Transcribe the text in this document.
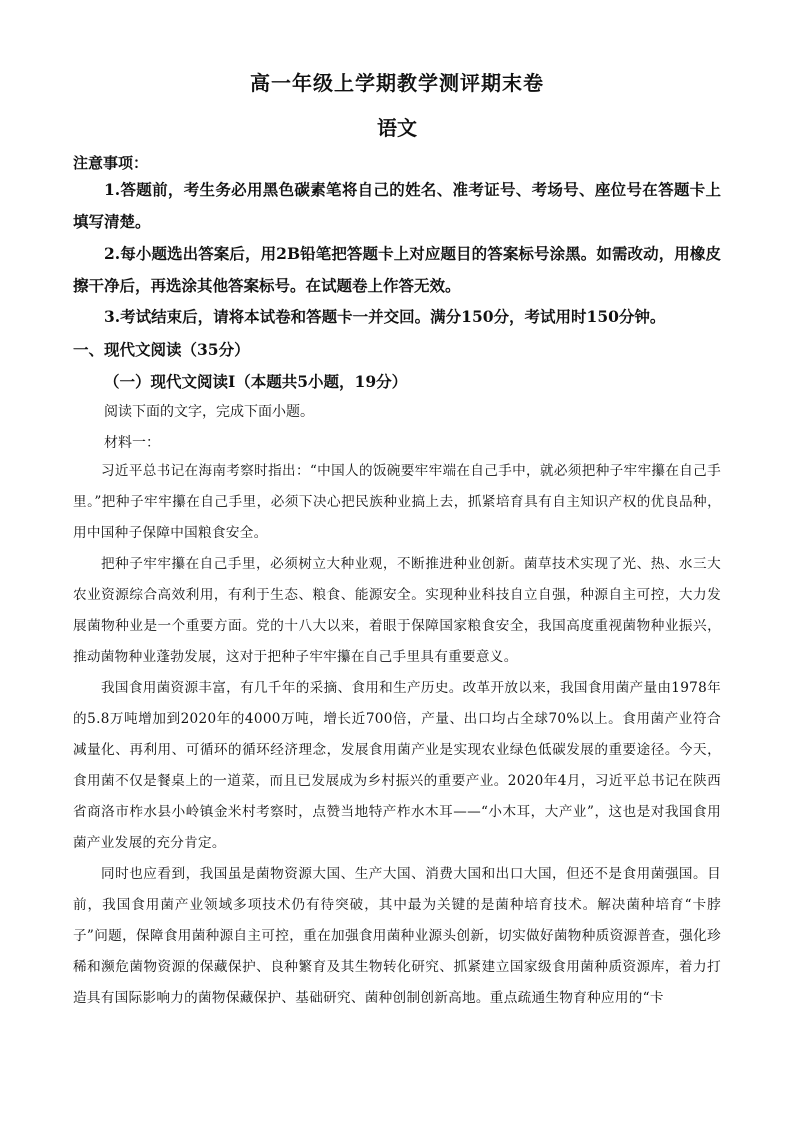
高一年级上学期教学测评期末卷
语文
注意事项：

1.答题前，考生务必用黑色碳素笔将自己的姓名、准考证号、考场号、座位号在答题卡上填写清楚。

2.每小题选出答案后，用2B铅笔把答题卡上对应题目的答案标号涂黑。如需改动，用橡皮擦干净后，再选涂其他答案标号。在试题卷上作答无效。

3.考试结束后，请将本试卷和答题卡一并交回。满分150分，考试用时150分钟。

一、现代文阅读（35分）
（一）现代文阅读Ⅰ（本题共5小题，19分）
阅读下面的文字，完成下面小题。
材料一：

习近平总书记在海南考察时指出：“中国人的饭碗要牢牢端在自己手中，就必须把种子牢牢攥在自己手里。”把种子牢牢攥在自己手里，必须下决心把民族种业搞上去，抓紧培育具有自主知识产权的优良品种，用中国种子保障中国粮食安全。

把种子牢牢攥在自己手里，必须树立大种业观，不断推进种业创新。菌草技术实现了光、热、水三大农业资源综合高效利用，有利于生态、粮食、能源安全。实现种业科技自立自强，种源自主可控，大力发展菌物种业是一个重要方面。党的十八大以来，着眼于保障国家粮食安全，我国高度重视菌物种业振兴，推动菌物种业蓬勃发展，这对于把种子牢牢攥在自己手里具有重要意义。

我国食用菌资源丰富，有几千年的采摘、食用和生产历史。改革开放以来，我国食用菌产量由1978年的5.8万吨增加到2020年的4000万吨，增长近700倍，产量、出口均占全球70%以上。食用菌产业符合减量化、再利用、可循环的循环经济理念，发展食用菌产业是实现农业绿色低碳发展的重要途径。今天，食用菌不仅是餐桌上的一道菜，而且已发展成为乡村振兴的重要产业。2020年4月，习近平总书记在陕西省商洛市柞水县小岭镇金米村考察时，点赞当地特产柞水木耳——“小木耳，大产业”，这也是对我国食用菌产业发展的充分肯定。

同时也应看到，我国虽是菌物资源大国、生产大国、消费大国和出口大国，但还不是食用菌强国。目前，我国食用菌产业领域多项技术仍有待突破，其中最为关键的是菌种培育技术。解决菌种培育“卡脖子”问题，保障食用菌种源自主可控，重在加强食用菌种业源头创新，切实做好菌物种质资源普查，强化珍稀和濒危菌物资源的保藏保护、良种繁育及其生物转化研究、抓紧建立国家级食用菌种质资源库，着力打造具有国际影响力的菌物保藏保护、基础研究、菌种创制创新高地。重点疏通生物育种应用的“卡
